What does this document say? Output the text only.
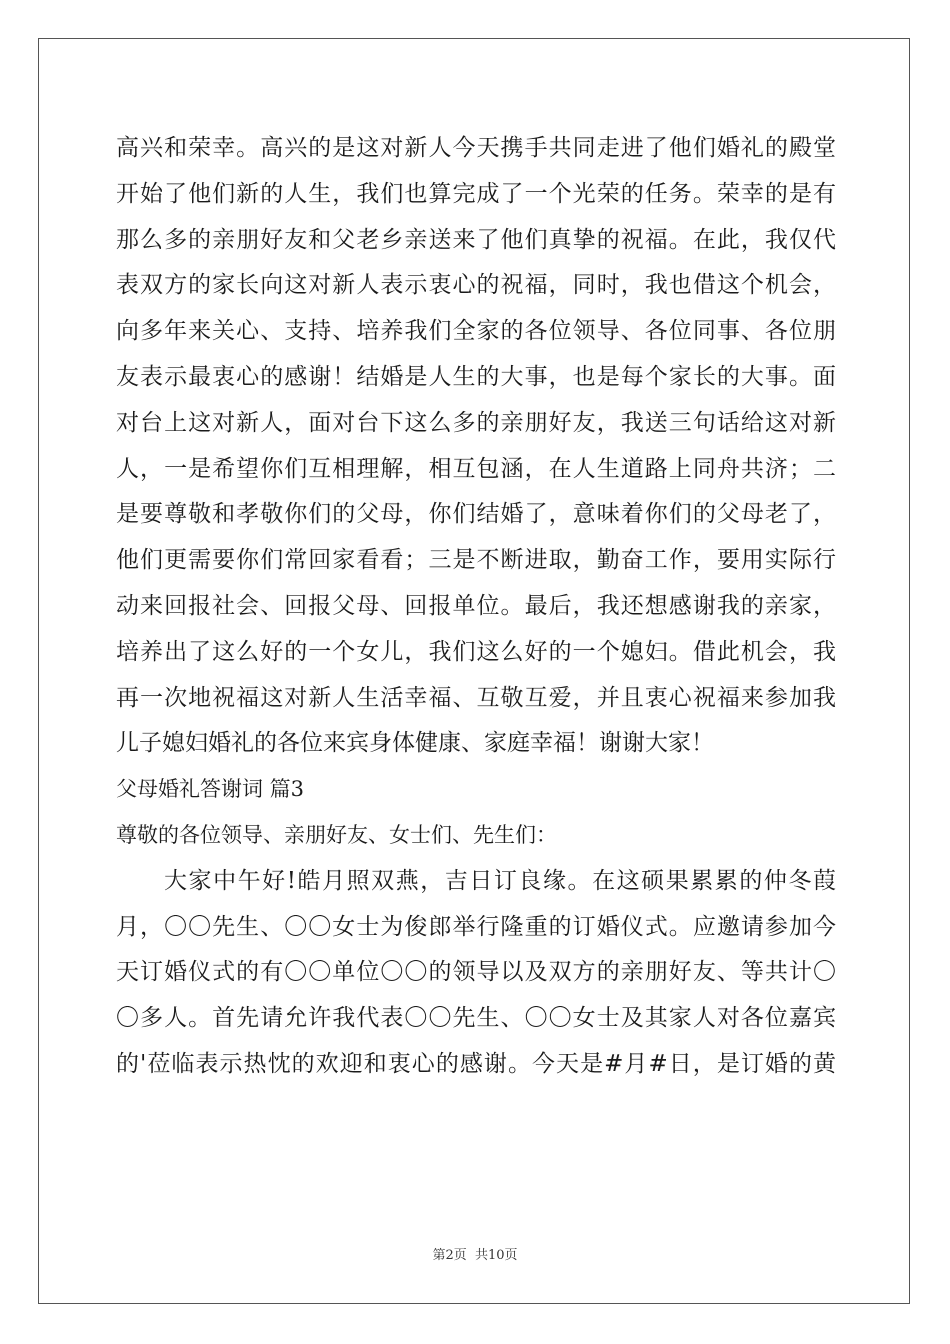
高兴和荣幸。高兴的是这对新人今天携手共同走进了他们婚礼的殿堂
开始了他们新的人生，我们也算完成了一个光荣的任务。荣幸的是有
那么多的亲朋好友和父老乡亲送来了他们真挚的祝福。在此，我仅代
表双方的家长向这对新人表示衷心的祝福，同时，我也借这个机会，
向多年来关心、支持、培养我们全家的各位领导、各位同事、各位朋
友表示最衷心的感谢！结婚是人生的大事，也是每个家长的大事。面
对台上这对新人，面对台下这么多的亲朋好友，我送三句话给这对新
人，一是希望你们互相理解，相互包涵，在人生道路上同舟共济；二
是要尊敬和孝敬你们的父母，你们结婚了，意味着你们的父母老了，
他们更需要你们常回家看看；三是不断进取，勤奋工作，要用实际行
动来回报社会、回报父母、回报单位。最后，我还想感谢我的亲家，
培养出了这么好的一个女儿，我们这么好的一个媳妇。借此机会，我
再一次地祝福这对新人生活幸福、互敬互爱，并且衷心祝福来参加我
儿子媳妇婚礼的各位来宾身体健康、家庭幸福！谢谢大家！
父母婚礼答谢词 篇3
尊敬的各位领导、亲朋好友、女士们、先生们：
大家中午好!皓月照双燕，吉日订良缘。在这硕果累累的仲冬葭
月，〇〇先生、〇〇女士为俊郎举行隆重的订婚仪式。应邀请参加今
天订婚仪式的有〇〇单位〇〇的领导以及双方的亲朋好友、等共计〇
〇多人。首先请允许我代表〇〇先生、〇〇女士及其家人对各位嘉宾
的'莅临表示热忱的欢迎和衷心的感谢。今天是#月#日，是订婚的黄
第2页 共10页
